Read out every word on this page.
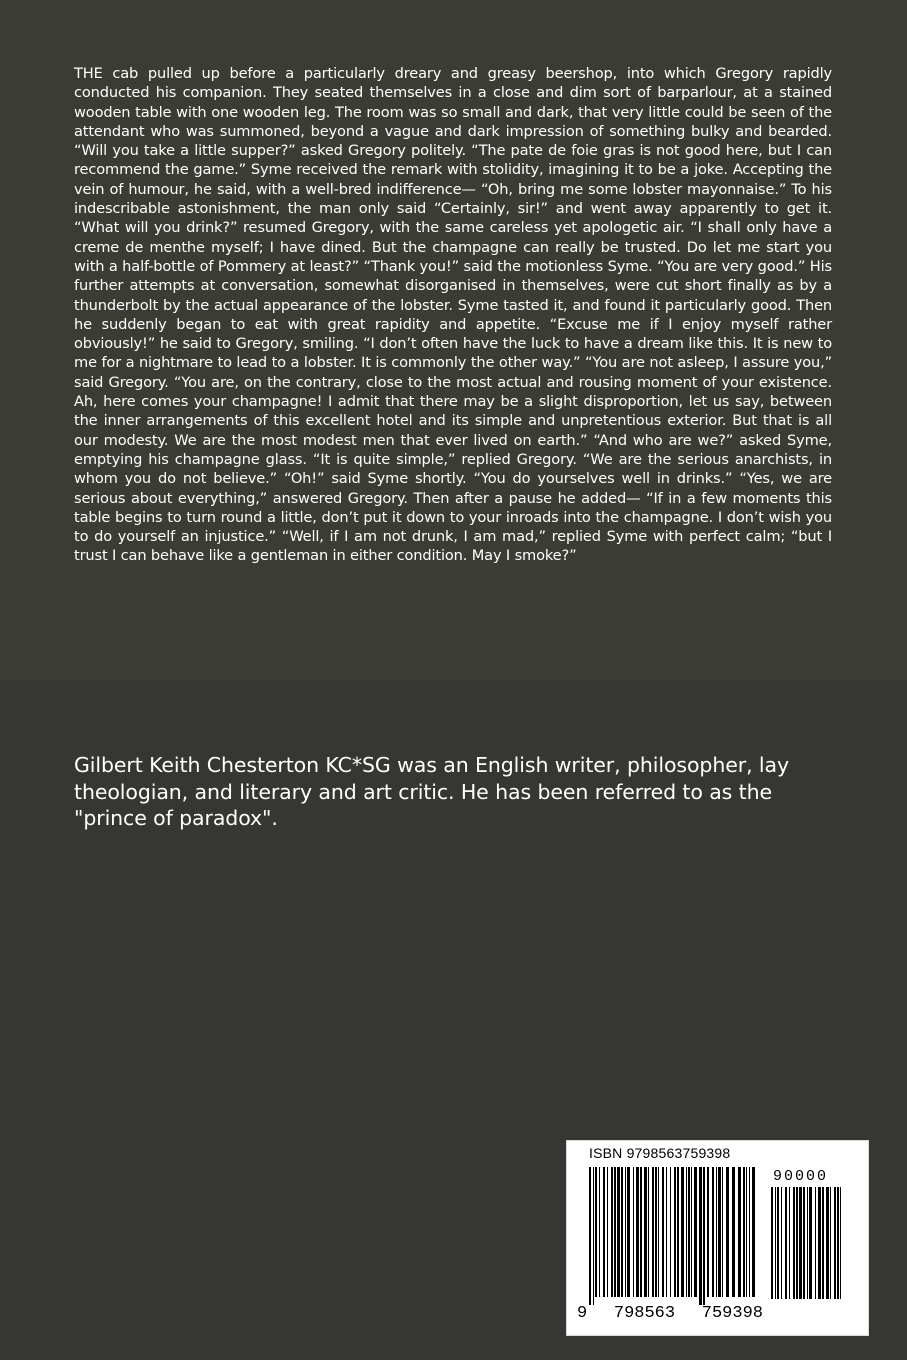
THE cab pulled up before a particularly dreary and greasy beershop, into which Gregory rapidly conducted his companion. They seated themselves in a close and dim sort of barparlour, at a stained wooden table with one wooden leg. The room was so small and dark, that very little could be seen of the attendant who was summoned, beyond a vague and dark impression of something bulky and bearded. “Will you take a little supper?” asked Gregory politely. “The pate de foie gras is not good here, but I can recommend the game.” Syme received the remark with stolidity, imagining it to be a joke. Accepting the vein of humour, he said, with a well-bred indifference— “Oh, bring me some lobster mayonnaise.” To his indescribable astonishment, the man only said “Certainly, sir!” and went away apparently to get it. “What will you drink?” resumed Gregory, with the same careless yet apologetic air. “I shall only have a creme de menthe myself; I have dined. But the champagne can really be trusted. Do let me start you with a half-bottle of Pommery at least?” “Thank you!” said the motionless Syme. “You are very good.” His further attempts at conversation, somewhat disorganised in themselves, were cut short finally as by a thunderbolt by the actual appearance of the lobster. Syme tasted it, and found it particularly good. Then he suddenly began to eat with great rapidity and appetite. “Excuse me if I enjoy myself rather obviously!” he said to Gregory, smiling. “I don’t often have the luck to have a dream like this. It is new to me for a nightmare to lead to a lobster. It is commonly the other way.” “You are not asleep, I assure you,” said Gregory. “You are, on the contrary, close to the most actual and rousing moment of your existence. Ah, here comes your champagne! I admit that there may be a slight disproportion, let us say, between the inner arrangements of this excellent hotel and its simple and unpretentious exterior. But that is all our modesty. We are the most modest men that ever lived on earth.” “And who are we?” asked Syme, emptying his champagne glass. “It is quite simple,” replied Gregory. “We are the serious anarchists, in whom you do not believe.” “Oh!” said Syme shortly. “You do yourselves well in drinks.” “Yes, we are serious about everything,” answered Gregory. Then after a pause he added— “If in a few moments this table begins to turn round a little, don’t put it down to your inroads into the champagne. I don’t wish you to do yourself an injustice.” “Well, if I am not drunk, I am mad,” replied Syme with perfect calm; “but I trust I can behave like a gentleman in either condition. May I smoke?”

Gilbert Keith Chesterton KC*SG was an English writer, philosopher, lay theologian, and literary and art critic. He has been referred to as the "prince of paradox".

ISBN 9798563759398
90000
9 798563 759398
